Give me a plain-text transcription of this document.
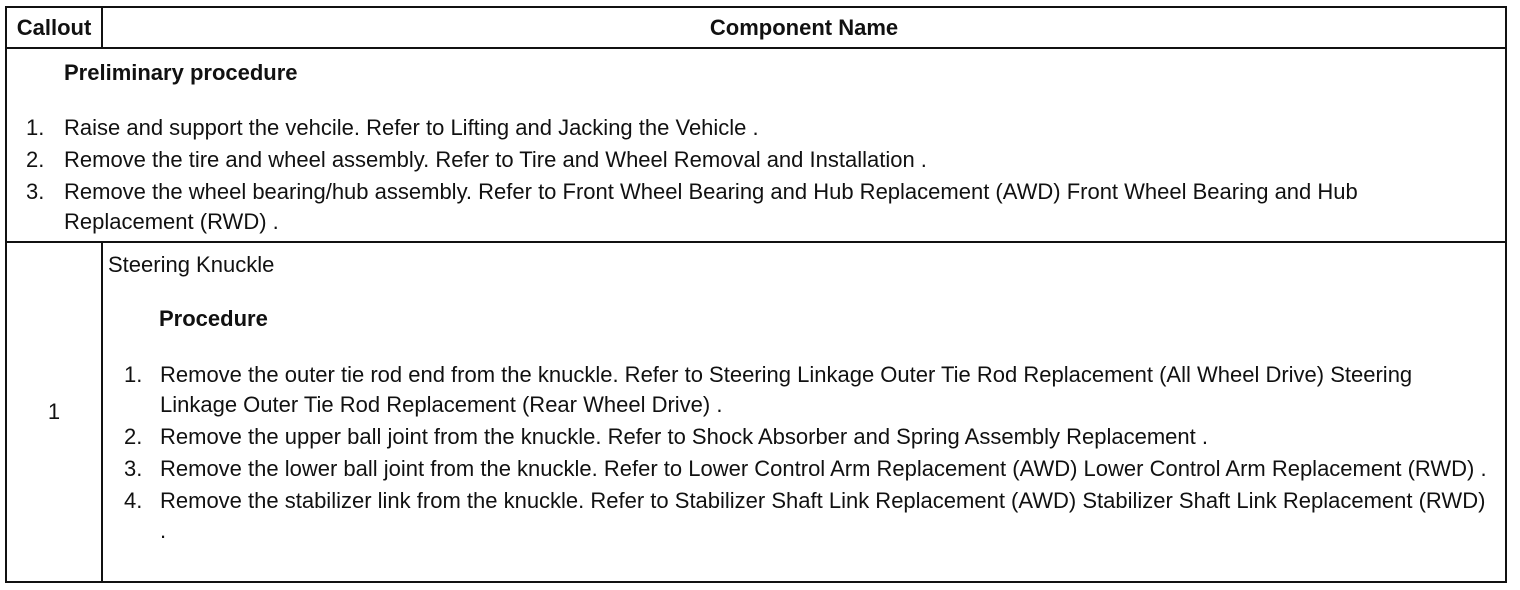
Callout	Component Name
Preliminary procedure
1. Raise and support the vehcile. Refer to Lifting and Jacking the Vehicle .
2. Remove the tire and wheel assembly. Refer to Tire and Wheel Removal and Installation .
3. Remove the wheel bearing/hub assembly. Refer to Front Wheel Bearing and Hub Replacement (AWD) Front Wheel Bearing and Hub Replacement (RWD) .
1
Steering Knuckle
Procedure
1. Remove the outer tie rod end from the knuckle. Refer to Steering Linkage Outer Tie Rod Replacement (All Wheel Drive) Steering Linkage Outer Tie Rod Replacement (Rear Wheel Drive) .
2. Remove the upper ball joint from the knuckle. Refer to Shock Absorber and Spring Assembly Replacement .
3. Remove the lower ball joint from the knuckle. Refer to Lower Control Arm Replacement (AWD) Lower Control Arm Replacement (RWD) .
4. Remove the stabilizer link from the knuckle. Refer to Stabilizer Shaft Link Replacement (AWD) Stabilizer Shaft Link Replacement (RWD) .
